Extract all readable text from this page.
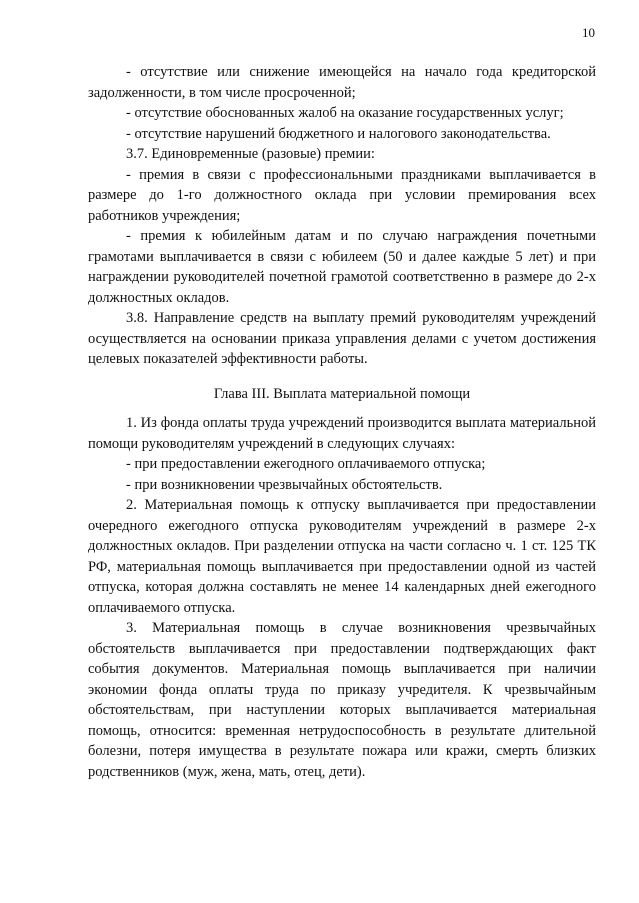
10

- отсутствие или снижение имеющейся на начало года кредиторской задолженности, в том числе просроченной;

- отсутствие обоснованных жалоб на оказание государственных услуг;

- отсутствие нарушений бюджетного и налогового законодательства.

3.7. Единовременные (разовые) премии:

- премия в связи с профессиональными праздниками выплачивается в размере до 1-го должностного оклада при условии премирования всех работников учреждения;

- премия к юбилейным датам и по случаю награждения почетными грамотами выплачивается в связи с юбилеем (50 и далее каждые 5 лет) и при награждении руководителей почетной грамотой соответственно в размере до 2-х должностных окладов.

3.8. Направление средств на выплату премий руководителям учреждений осуществляется на основании приказа управления делами с учетом достижения целевых показателей эффективности работы.

Глава III. Выплата материальной помощи

1. Из фонда оплаты труда учреждений производится выплата материальной помощи руководителям учреждений в следующих случаях:

- при предоставлении ежегодного оплачиваемого отпуска;

- при возникновении чрезвычайных обстоятельств.

2. Материальная помощь к отпуску выплачивается при предоставлении очередного ежегодного отпуска руководителям учреждений в размере 2-х должностных окладов. При разделении отпуска на части согласно ч. 1 ст. 125 ТК РФ, материальная помощь выплачивается при предоставлении одной из частей отпуска, которая должна составлять не менее 14 календарных дней ежегодного оплачиваемого отпуска.

3. Материальная помощь в случае возникновения чрезвычайных обстоятельств выплачивается при предоставлении подтверждающих факт события документов. Материальная помощь выплачивается при наличии экономии фонда оплаты труда по приказу учредителя. К чрезвычайным обстоятельствам, при наступлении которых выплачивается материальная помощь, относится: временная нетрудоспособность в результате длительной болезни, потеря имущества в результате пожара или кражи, смерть близких родственников (муж, жена, мать, отец, дети).
